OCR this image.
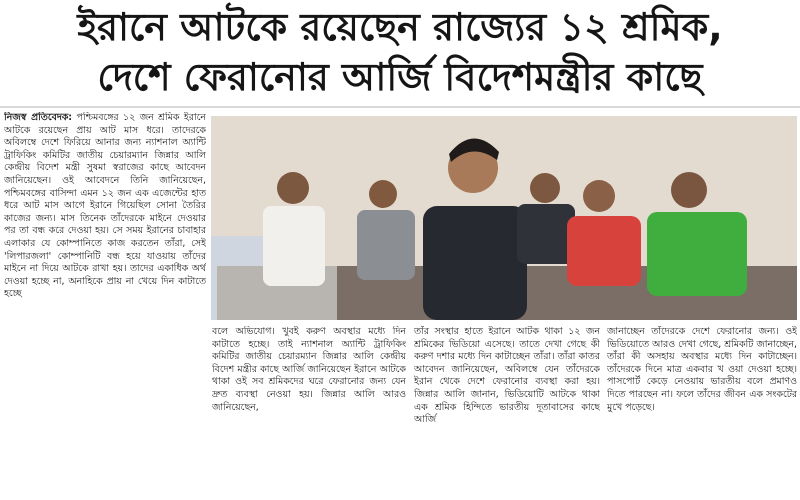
ইরানে আটকে রয়েছেন রাজ্যের ১২ শ্রমিক,
দেশে ফেরানোর আর্জি বিদেশমন্ত্রীর কাছে
নিজস্ব প্রতিবেদক: পশ্চিমবঙ্গের ১২ জন শ্রমিক ইরানে আটকে রয়েছেন প্রায় আট মাস ধরে। তাদেরকে অবিলম্বে দেশে ফিরিয়ে আনার জন্য ন্যাশনাল অ্যান্টি ট্রাফিকিং কমিটির জাতীয় চেয়ারম্যান জিন্নার আলি কেন্দ্রীয় বিদেশ মন্ত্রী সুষমা স্বরাজের কাছে আবেদন জানিয়েছেন। ওই আবেদনে তিনি জানিয়েছেন, পশ্চিমবঙ্গের বাসিন্দা এমন ১২ জন এক এজেন্টের হাত ধরে আট মাস আগে ইরানে গিয়েছিল সোনা তৈরির কাজের জন্য। মাস তিনেক তাঁদেরকে মাইনে দেওয়ার পর তা বন্ধ করে দেওয়া হয়। সে সময় ইরানের চাবাহার এলাকার যে কোম্পানিতে কাজ করতেন তাঁরা, সেই 'লিপারজলা' কোম্পানিটি বন্ধ হয়ে যাওয়ায় তাঁদের মাইনে না দিয়ে আটকে রাখা হয়। তাদের একাধিক অর্থ দেওয়া হচ্ছে না, অনাহিকে প্রায় না খেয়ে দিন কাটাতে হচ্ছে
বলে অভিযোগ। খুবই করুণ অবস্থার মধ্যে দিন কাটাতে হচ্ছে। তাই ন্যাশনাল অ্যান্টি ট্রাফিকিং কমিটির জাতীয় চেয়ারম্যান জিন্নার আলি কেন্দ্রীয় বিদেশ মন্ত্রীর কাছে আর্জি জানিয়েছেন ইরানে আটকে থাকা ওই সব শ্রমিকদের ঘরে ফেরানোর জন্য যেন দ্রুত ব্যবস্থা নেওয়া হয়। জিন্নার আলি আরও জানিয়েছেন,
তাঁর সংস্থার হাতে ইরানে আটক থাকা ১২ জন শ্রমিকের ভিডিয়ো এসেছে। তাতে দেখা গেছে কী করুণ দশার মধ্যে দিন কাটাচ্ছেন তাঁরা। তাঁরা কাতর আবেদন জানিয়েছেন, অবিলম্বে যেন তাঁদেরকে ইরান থেকে দেশে ফেরানোর ব্যবস্থা করা হয়। জিন্নার আলি জানান, ভিডিয়োটি আটকে থাকা এক শ্রমিক হিন্দিতে ভারতীয় দূতাবাসের কাছে আর্জি
জানাচ্ছেন তাঁদেরকে দেশে ফেরানোর জন্য। ওই ভিডিয়োতে আরও দেখা গেছে, শ্রমিকটি জানাচ্ছেন, তাঁরা কী অসহায় অবস্থার মধ্যে দিন কাটাচ্ছেন। তাঁদেরকে দিনে মাত্র একবার খ ওয়া দেওয়া হচ্ছে। পাসপোর্ট কেড়ে নেওয়ায় ভারতীয় বলে প্রমাণও দিতে পারছেন না। ফলে তাঁদের জীবন এক সংকটের মুখে পড়েছে।
